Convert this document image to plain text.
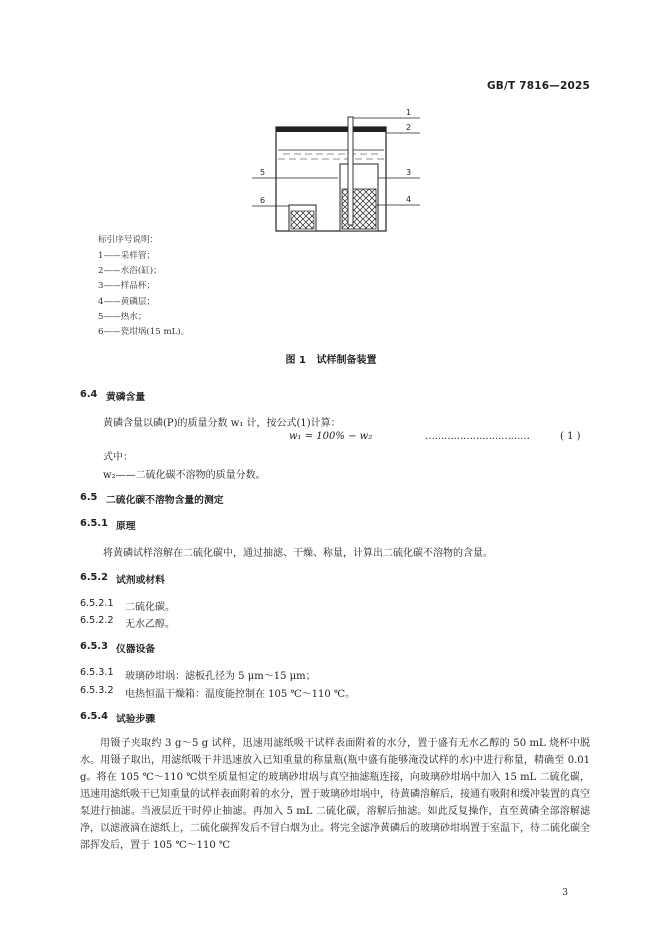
GB/T 7816—2025
1
2
3
4
5
6
标引序号说明：
1——采样管；
2——水浴(缸)；
3——样品杯；
4——黄磷层；
5——热水；
6——瓷坩埚(15 mL)。
图 1 试样制备装置
6.4 黄磷含量
黄磷含量以磷(P)的质量分数 w₁ 计，按公式(1)计算：
w₁ = 100% − w₂	……………………………	( 1 )
式中：
w₂——二硫化碳不溶物的质量分数。
6.5 二硫化碳不溶物含量的测定
6.5.1 原理
将黄磷试样溶解在二硫化碳中，通过抽滤、干燥、称量，计算出二硫化碳不溶物的含量。
6.5.2 试剂或材料
6.5.2.1 二硫化碳。
6.5.2.2 无水乙醇。
6.5.3 仪器设备
6.5.3.1 玻璃砂坩埚：滤板孔径为 5 μm～15 μm；
6.5.3.2 电热恒温干燥箱：温度能控制在 105 ℃～110 ℃。
6.5.4 试验步骤
用镊子夹取约 3 g～5 g 试样，迅速用滤纸吸干试样表面附着的水分，置于盛有无水乙醇的 50 mL 烧杯中脱水。用镊子取出，用滤纸吸干并迅速放入已知重量的称量瓶(瓶中盛有能够淹没试样的水)中进行称量，精确至 0.01 g。将在 105 ℃～110 ℃烘至质量恒定的玻璃砂坩埚与真空抽滤瓶连接，向玻璃砂坩埚中加入 15 mL 二硫化碳，迅速用滤纸吸干已知重量的试样表面附着的水分，置于玻璃砂坩埚中，待黄磷溶解后，接通有吸附和缓冲装置的真空泵进行抽滤。当液层近干时停止抽滤。再加入 5 mL 二硫化碳，溶解后抽滤。如此反复操作，直至黄磷全部溶解滤净，以滤液滴在滤纸上，二硫化碳挥发后不冒白烟为止。将完全滤净黄磷后的玻璃砂坩埚置于室温下，待二硫化碳全部挥发后，置于 105 ℃～110 ℃
3
